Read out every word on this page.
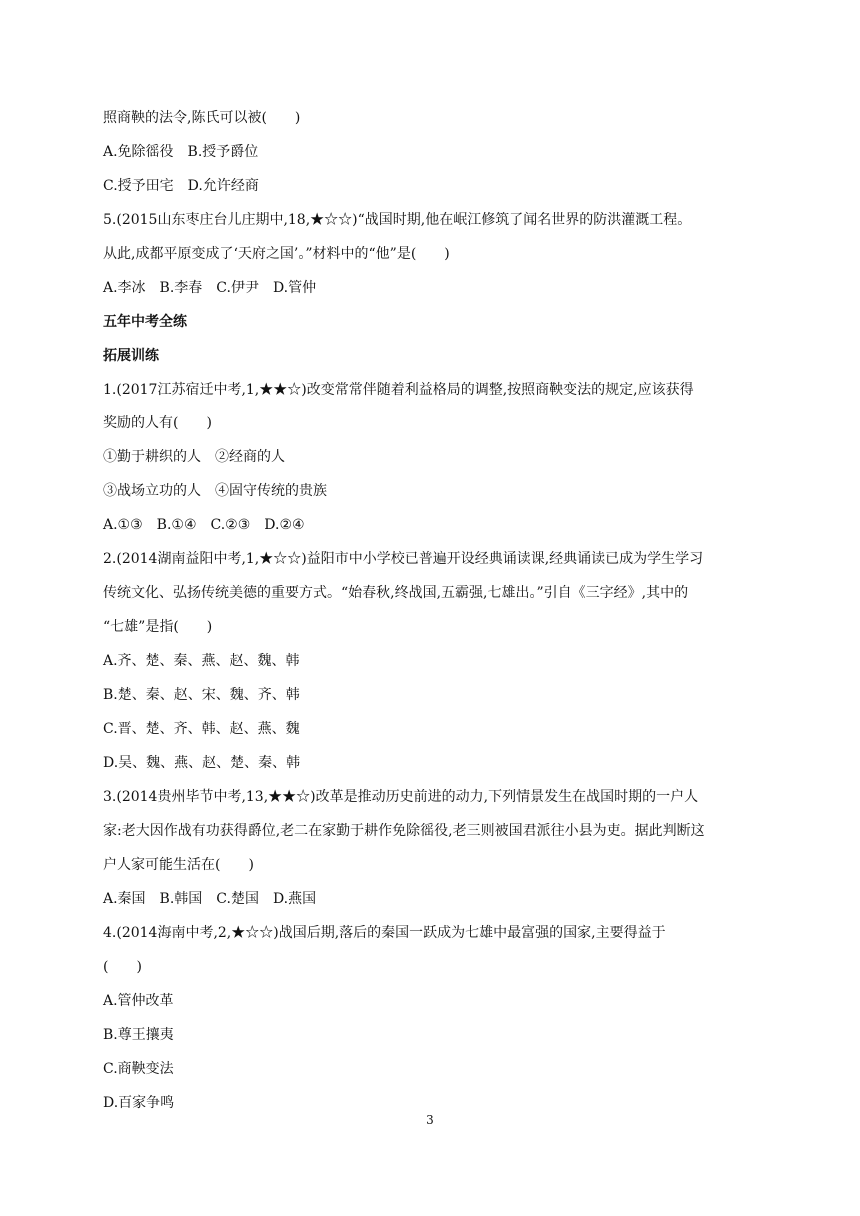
照商鞅的法令,陈氏可以被(　　)
A.免除徭役　B.授予爵位
C.授予田宅　D.允许经商
5.(2015山东枣庄台儿庄期中,18,★☆☆)“战国时期,他在岷江修筑了闻名世界的防洪灌溉工程。
从此,成都平原变成了‘天府之国’。”材料中的“他”是(　　)
A.李冰　B.李春　C.伊尹　D.管仲
五年中考全练
拓展训练
1.(2017江苏宿迁中考,1,★★☆)改变常常伴随着利益格局的调整,按照商鞅变法的规定,应该获得
奖励的人有(　　)
①勤于耕织的人　②经商的人
③战场立功的人　④固守传统的贵族
A.①③　B.①④　C.②③　D.②④
2.(2014湖南益阳中考,1,★☆☆)益阳市中小学校已普遍开设经典诵读课,经典诵读已成为学生学习
传统文化、弘扬传统美德的重要方式。“始春秋,终战国,五霸强,七雄出。”引自《三字经》,其中的
“七雄”是指(　　)
A.齐、楚、秦、燕、赵、魏、韩
B.楚、秦、赵、宋、魏、齐、韩
C.晋、楚、齐、韩、赵、燕、魏
D.吴、魏、燕、赵、楚、秦、韩
3.(2014贵州毕节中考,13,★★☆)改革是推动历史前进的动力,下列情景发生在战国时期的一户人
家:老大因作战有功获得爵位,老二在家勤于耕作免除徭役,老三则被国君派往小县为吏。据此判断这
户人家可能生活在(　　)
A.秦国　B.韩国　C.楚国　D.燕国
4.(2014海南中考,2,★☆☆)战国后期,落后的秦国一跃成为七雄中最富强的国家,主要得益于
(　　)
A.管仲改革
B.尊王攘夷
C.商鞅变法
D.百家争鸣
3
